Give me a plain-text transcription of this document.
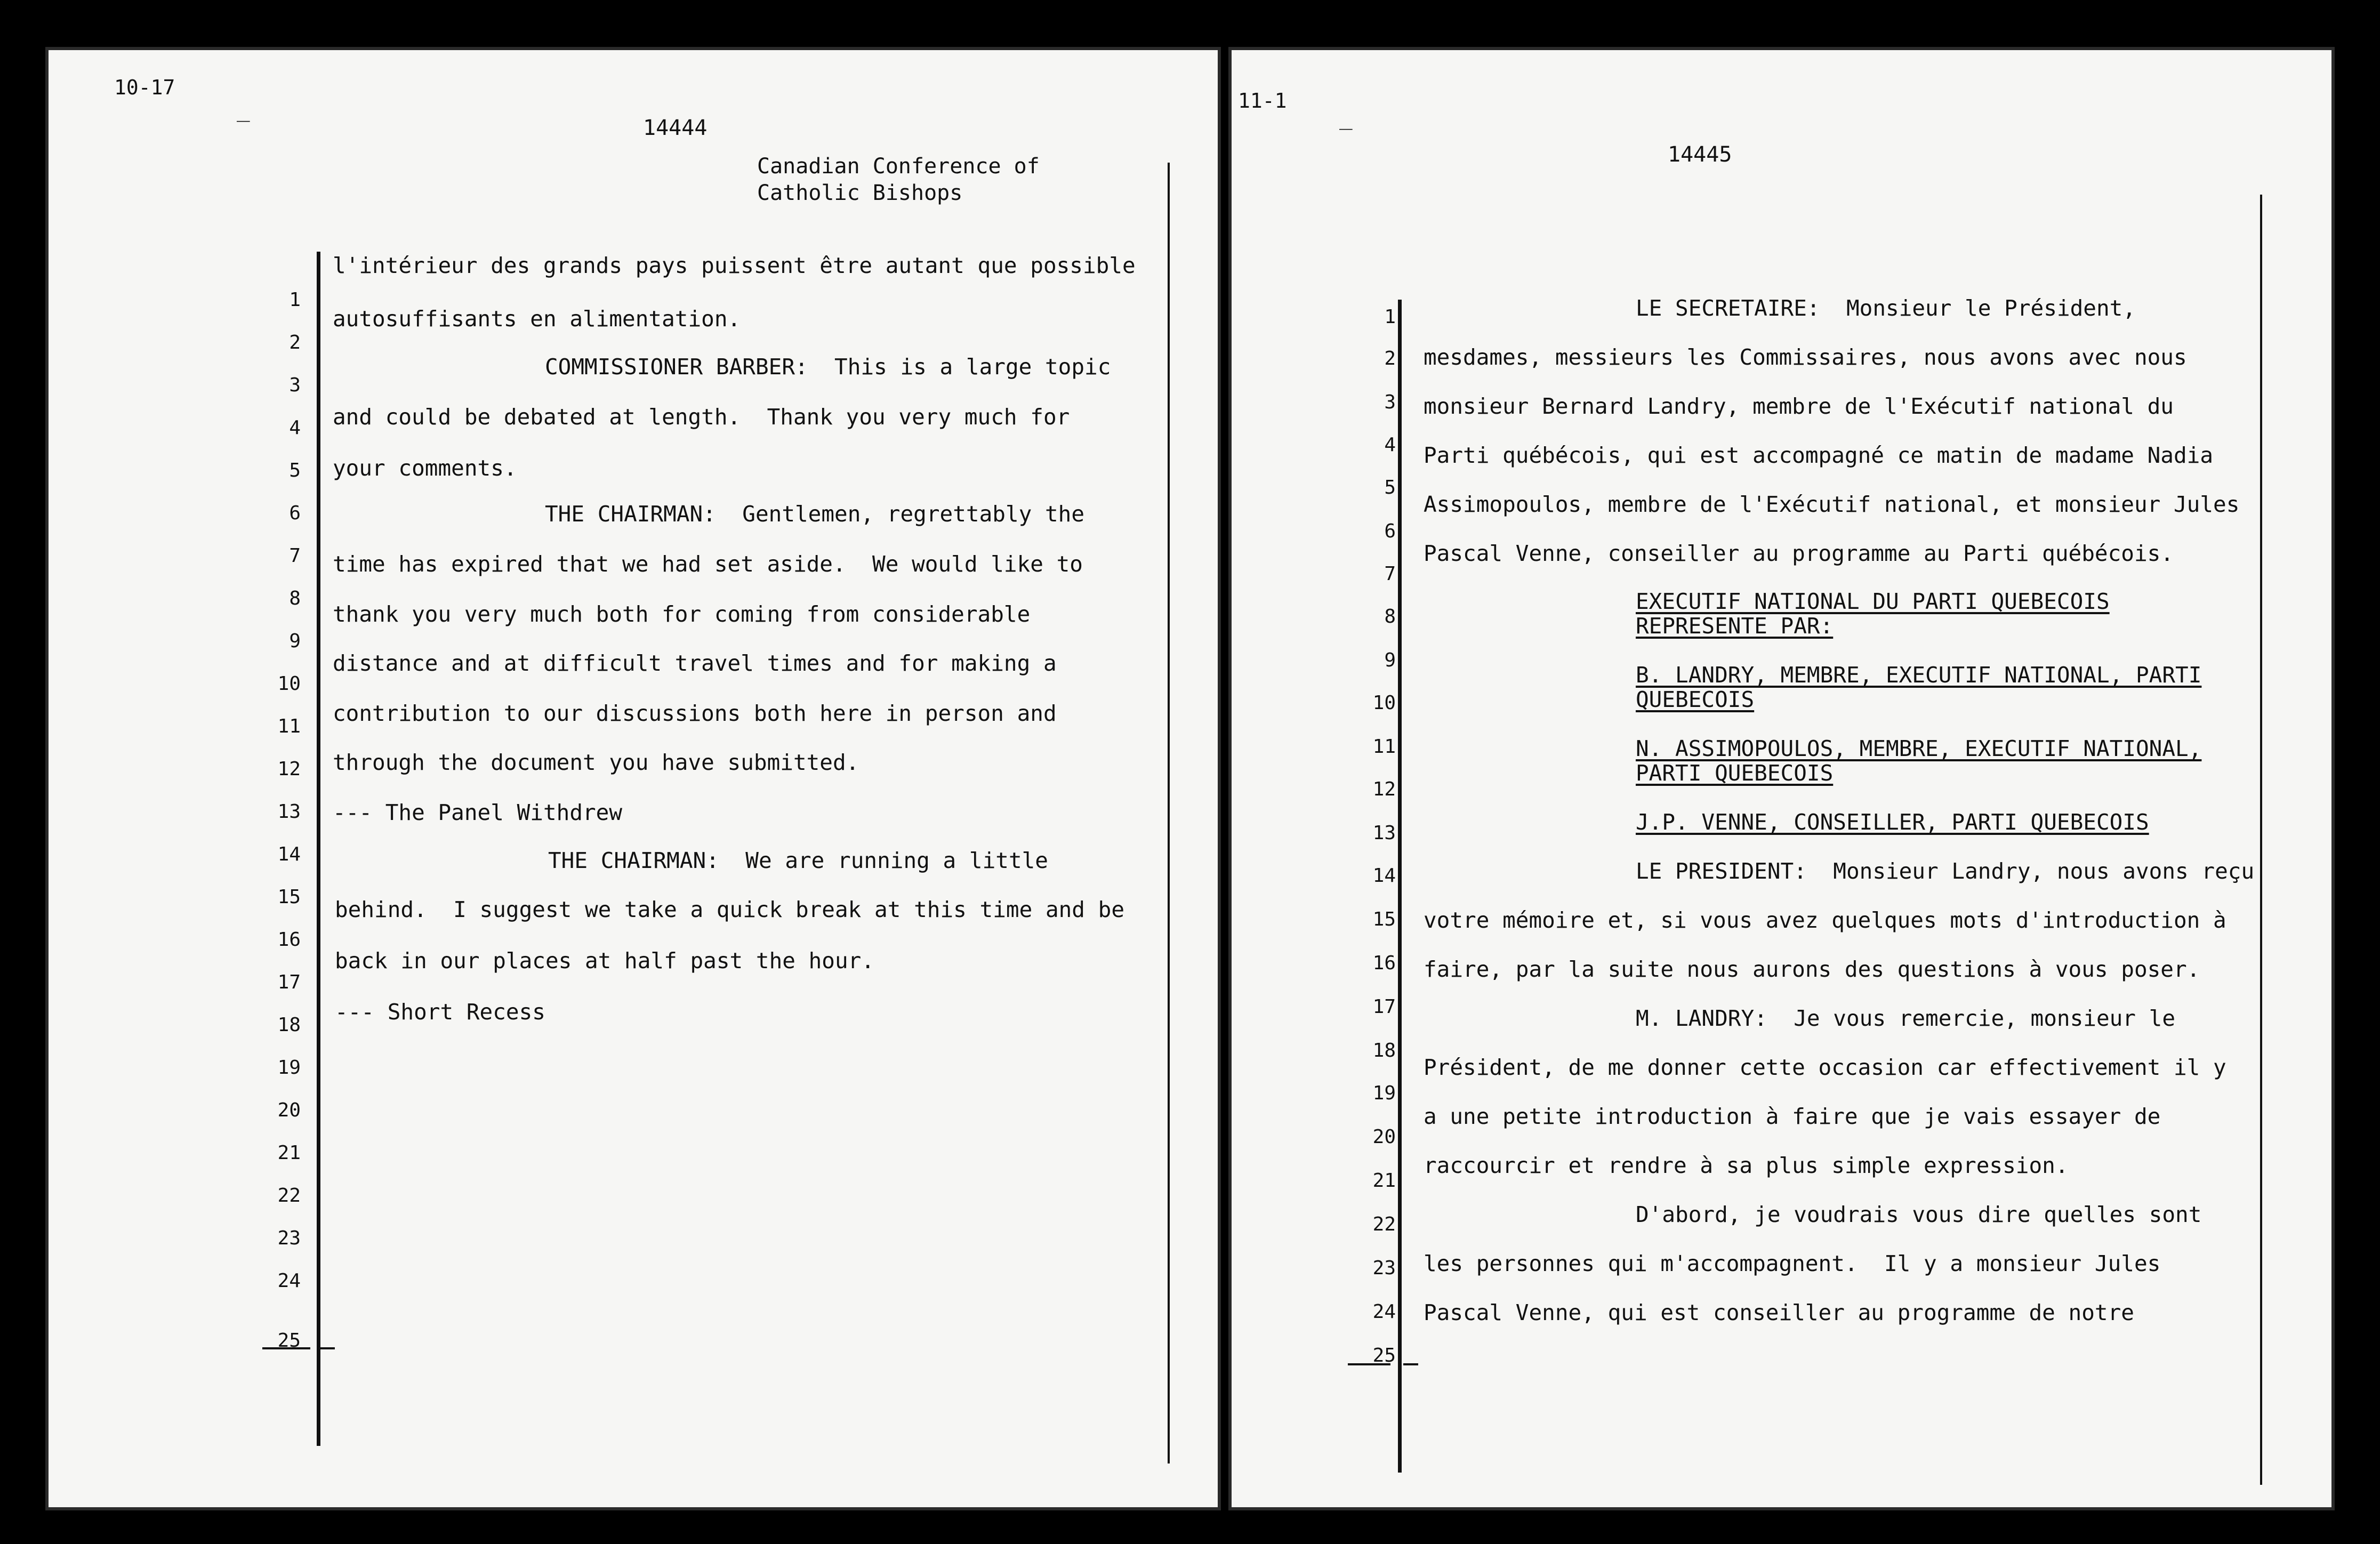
10-17
_
14444
Canadian Conference of
Catholic Bishops
1
2
3
4
5
6
7
8
9
10
11
12
13
14
15
16
17
18
19
20
21
22
23
24
25
l'intérieur des grands pays puissent être autant que possible
autosuffisants en alimentation.
COMMISSIONER BARBER:  This is a large topic
and could be debated at length.  Thank you very much for
your comments.
THE CHAIRMAN:  Gentlemen, regrettably the
time has expired that we had set aside.  We would like to
thank you very much both for coming from considerable
distance and at difficult travel times and for making a
contribution to our discussions both here in person and
through the document you have submitted.
--- The Panel Withdrew
THE CHAIRMAN:  We are running a little
behind.  I suggest we take a quick break at this time and be
back in our places at half past the hour.
--- Short Recess
11-1
_
14445
1
2
3
4
5
6
7
8
9
10
11
12
13
14
15
16
17
18
19
20
21
22
23
24
25
LE SECRETAIRE:  Monsieur le Président,
mesdames, messieurs les Commissaires, nous avons avec nous
monsieur Bernard Landry, membre de l'Exécutif national du
Parti québécois, qui est accompagné ce matin de madame Nadia
Assimopoulos, membre de l'Exécutif national, et monsieur Jules
Pascal Venne, conseiller au programme au Parti québécois.
EXECUTIF NATIONAL DU PARTI QUEBECOIS
REPRESENTE PAR:
B. LANDRY, MEMBRE, EXECUTIF NATIONAL, PARTI
QUEBECOIS
N. ASSIMOPOULOS, MEMBRE, EXECUTIF NATIONAL,
PARTI QUEBECOIS
J.P. VENNE, CONSEILLER, PARTI QUEBECOIS
LE PRESIDENT:  Monsieur Landry, nous avons reçu
votre mémoire et, si vous avez quelques mots d'introduction à
faire, par la suite nous aurons des questions à vous poser.
M. LANDRY:  Je vous remercie, monsieur le
Président, de me donner cette occasion car effectivement il y
a une petite introduction à faire que je vais essayer de
raccourcir et rendre à sa plus simple expression.
D'abord, je voudrais vous dire quelles sont
les personnes qui m'accompagnent.  Il y a monsieur Jules
Pascal Venne, qui est conseiller au programme de notre
